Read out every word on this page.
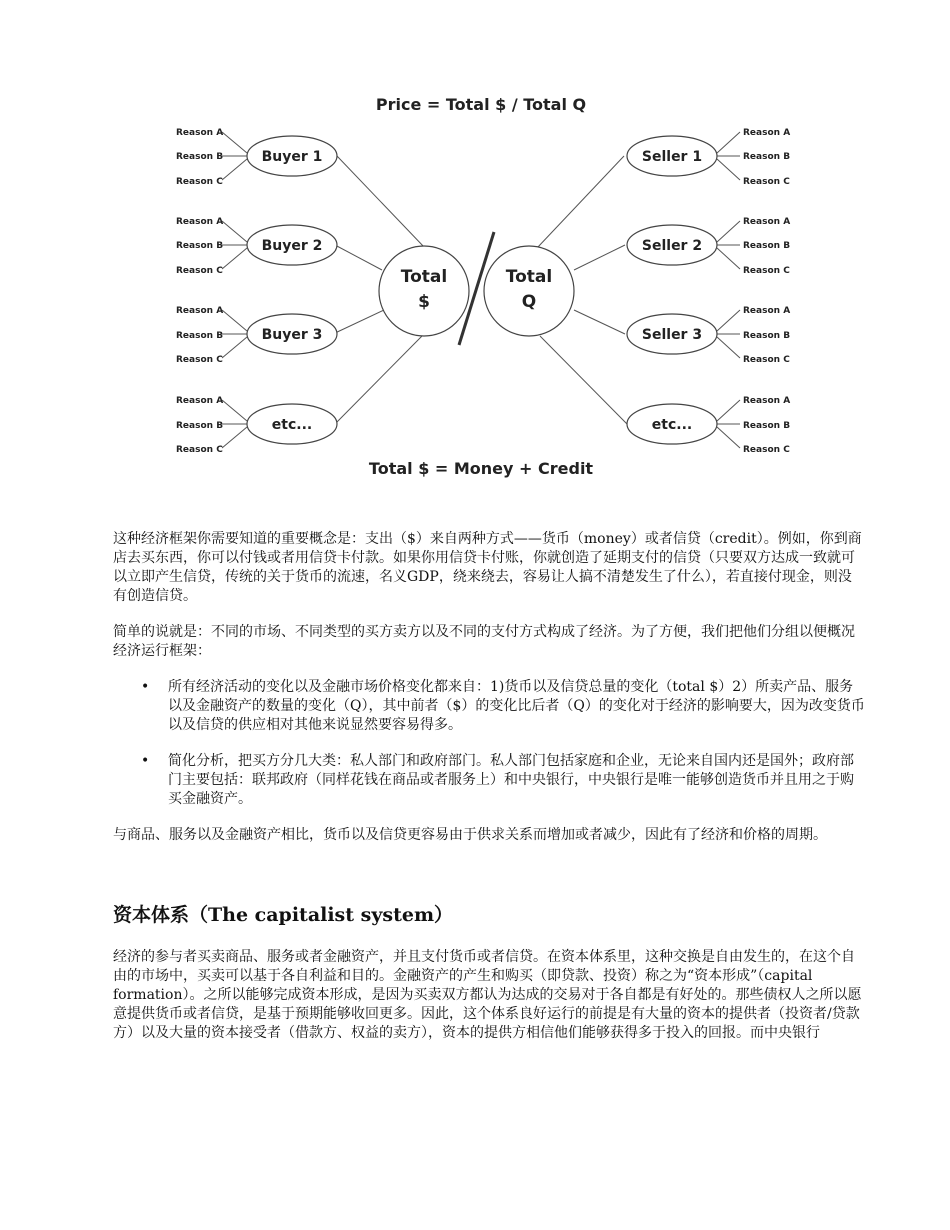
Price = Total $ / Total Q
Buyer 1
Buyer 2
Buyer 3
etc...
Seller 1
Seller 2
Seller 3
etc...
Total
$
Total
Q
Reason A
Reason B
Reason C
Reason A
Reason B
Reason C
Reason A
Reason B
Reason C
Reason A
Reason B
Reason C
Reason A
Reason B
Reason C
Reason A
Reason B
Reason C
Reason A
Reason B
Reason C
Reason A
Reason B
Reason C
Total $ = Money + Credit

这种经济框架你需要知道的重要概念是：支出（$）来自两种方式——货币（money）或者信贷（credit）。例如，你到商店去买东西，你可以付钱或者用信贷卡付款。如果你用信贷卡付账，你就创造了延期支付的信贷（只要双方达成一致就可以立即产生信贷，传统的关于货币的流速，名义GDP，绕来绕去，容易让人搞不清楚发生了什么），若直接付现金，则没有创造信贷。

简单的说就是：不同的市场、不同类型的买方卖方以及不同的支付方式构成了经济。为了方便，我们把他们分组以便概况经济运行框架：

• 所有经济活动的变化以及金融市场价格变化都来自：1)货币以及信贷总量的变化（total $）2）所卖产品、服务以及金融资产的数量的变化（Q），其中前者（$）的变化比后者（Q）的变化对于经济的影响要大，因为改变货币以及信贷的供应相对其他来说显然要容易得多。
• 简化分析，把买方分几大类：私人部门和政府部门。私人部门包括家庭和企业，无论来自国内还是国外；政府部门主要包括：联邦政府（同样花钱在商品或者服务上）和中央银行，中央银行是唯一能够创造货币并且用之于购买金融资产。

与商品、服务以及金融资产相比，货币以及信贷更容易由于供求关系而增加或者减少，因此有了经济和价格的周期。

资本体系（The capitalist system）

经济的参与者买卖商品、服务或者金融资产，并且支付货币或者信贷。在资本体系里，这种交换是自由发生的，在这个自由的市场中，买卖可以基于各自利益和目的。金融资产的产生和购买（即贷款、投资）称之为“资本形成”（capital formation）。之所以能够完成资本形成，是因为买卖双方都认为达成的交易对于各自都是有好处的。那些债权人之所以愿意提供货币或者信贷，是基于预期能够收回更多。因此，这个体系良好运行的前提是有大量的资本的提供者（投资者/贷款方）以及大量的资本接受者（借款方、权益的卖方），资本的提供方相信他们能够获得多于投入的回报。而中央银行
